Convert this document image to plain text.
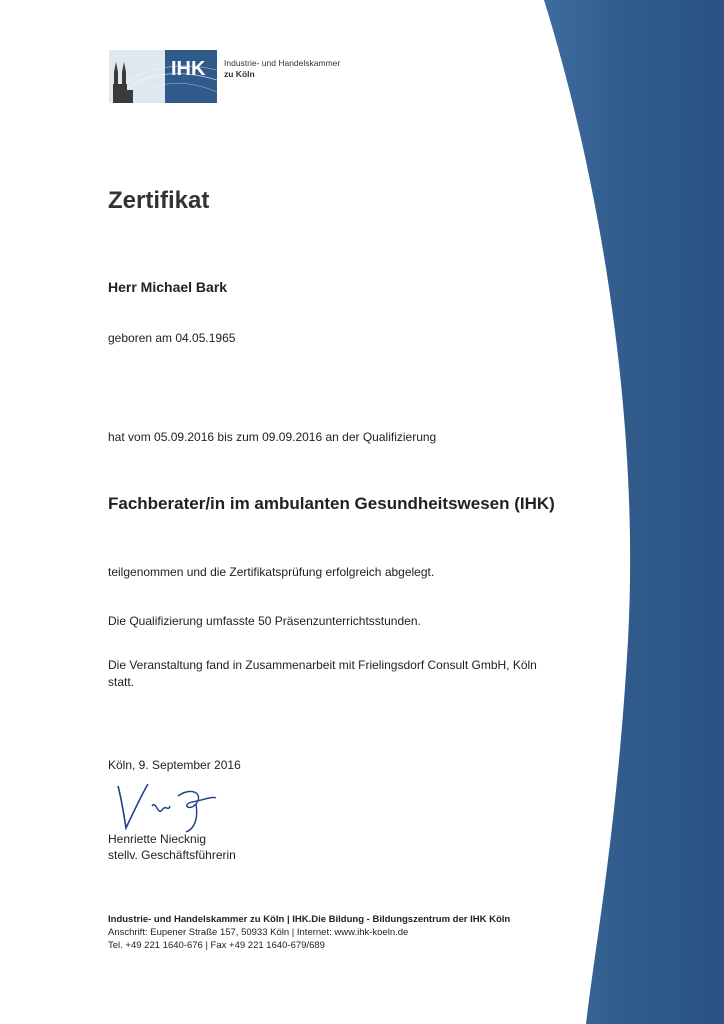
IHK Industrie- und Handelskammer
zu Köln
Zertifikat
Herr Michael Bark
geboren am 04.05.1965
hat vom 05.09.2016 bis zum 09.09.2016 an der Qualifizierung
Fachberater/in im ambulanten Gesundheitswesen (IHK)
teilgenommen und die Zertifikatsprüfung erfolgreich abgelegt.
Die Qualifizierung umfasste 50 Präsenzunterrichtsstunden.
Die Veranstaltung fand in Zusammenarbeit mit Frielingsdorf Consult GmbH, Köln
statt.
Köln, 9. September 2016
Henriette Niecknig
stellv. Geschäftsführerin
Industrie- und Handelskammer zu Köln | IHK.Die Bildung - Bildungszentrum der IHK Köln
Anschrift: Eupener Straße 157, 50933 Köln | Internet: www.ihk-koeln.de
Tel. +49 221 1640-676 | Fax +49 221 1640-679/689
